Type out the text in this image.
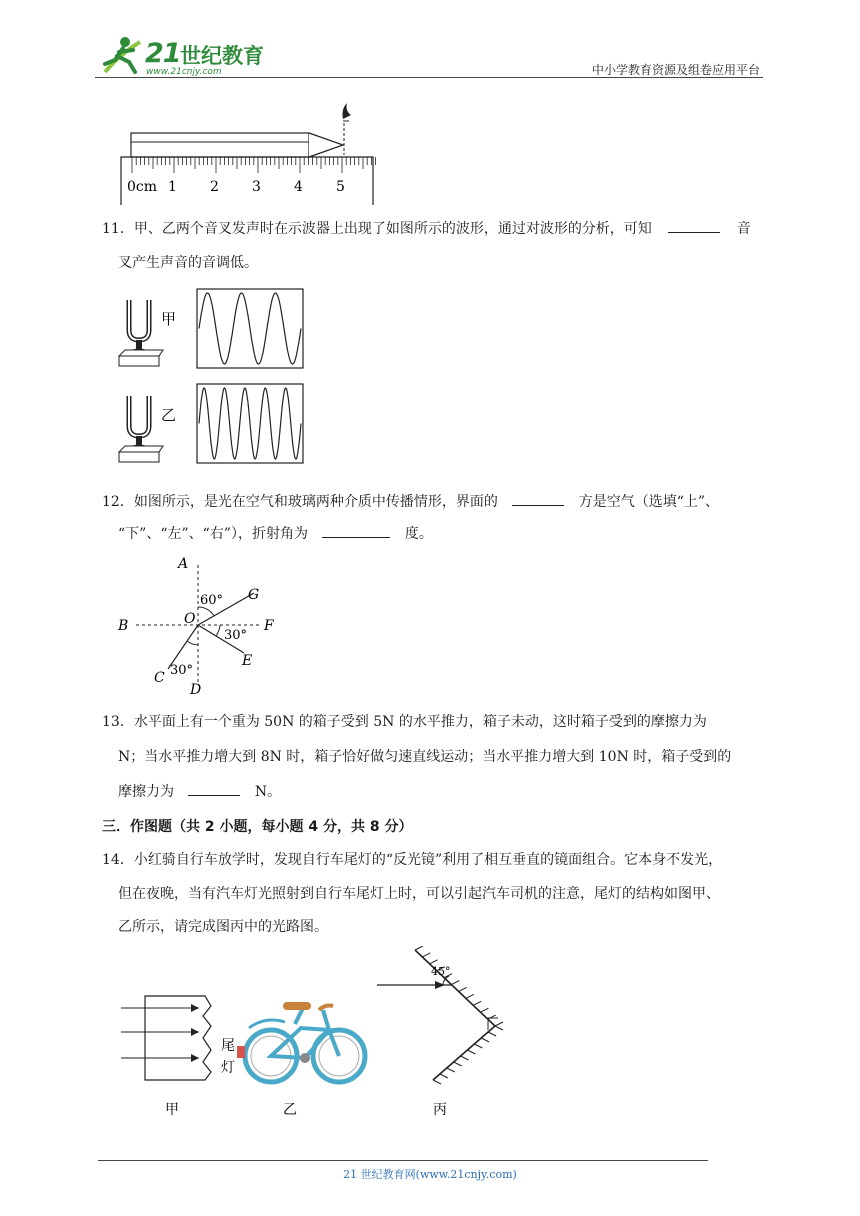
21 世纪教育
www.21cnjy.com	中小学教育资源及组卷应用平台
0cm 1 2 3 4 5
11．甲、乙两个音叉发声时在示波器上出现了如图所示的波形，通过对波形的分析，可知	音
叉产生声音的音调低。
甲
乙
12．如图所示，是光在空气和玻璃两种介质中传播情形，界面的	方是空气（选填“上”、
“下”、“左”、“右”），折射角为	度。
A
B
C
D
E
F
G
O
60°
30°
30°
13．水平面上有一个重为 50N 的箱子受到 5N 的水平推力，箱子未动，这时箱子受到的摩擦力为
N；当水平推力增大到 8N 时，箱子恰好做匀速直线运动；当水平推力增大到 10N 时，箱子受到的
摩擦力为	N。
三．作图题（共 2 小题，每小题 4 分，共 8 分）
14．小红骑自行车放学时，发现自行车尾灯的“反光镜”利用了相互垂直的镜面组合。它本身不发光，
但在夜晚，当有汽车灯光照射到自行车尾灯上时，可以引起汽车司机的注意，尾灯的结构如图甲、
乙所示，请完成图丙中的光路图。
甲
尾
灯
乙
45°
丙
21 世纪教育网(www.21cnjy.com)
